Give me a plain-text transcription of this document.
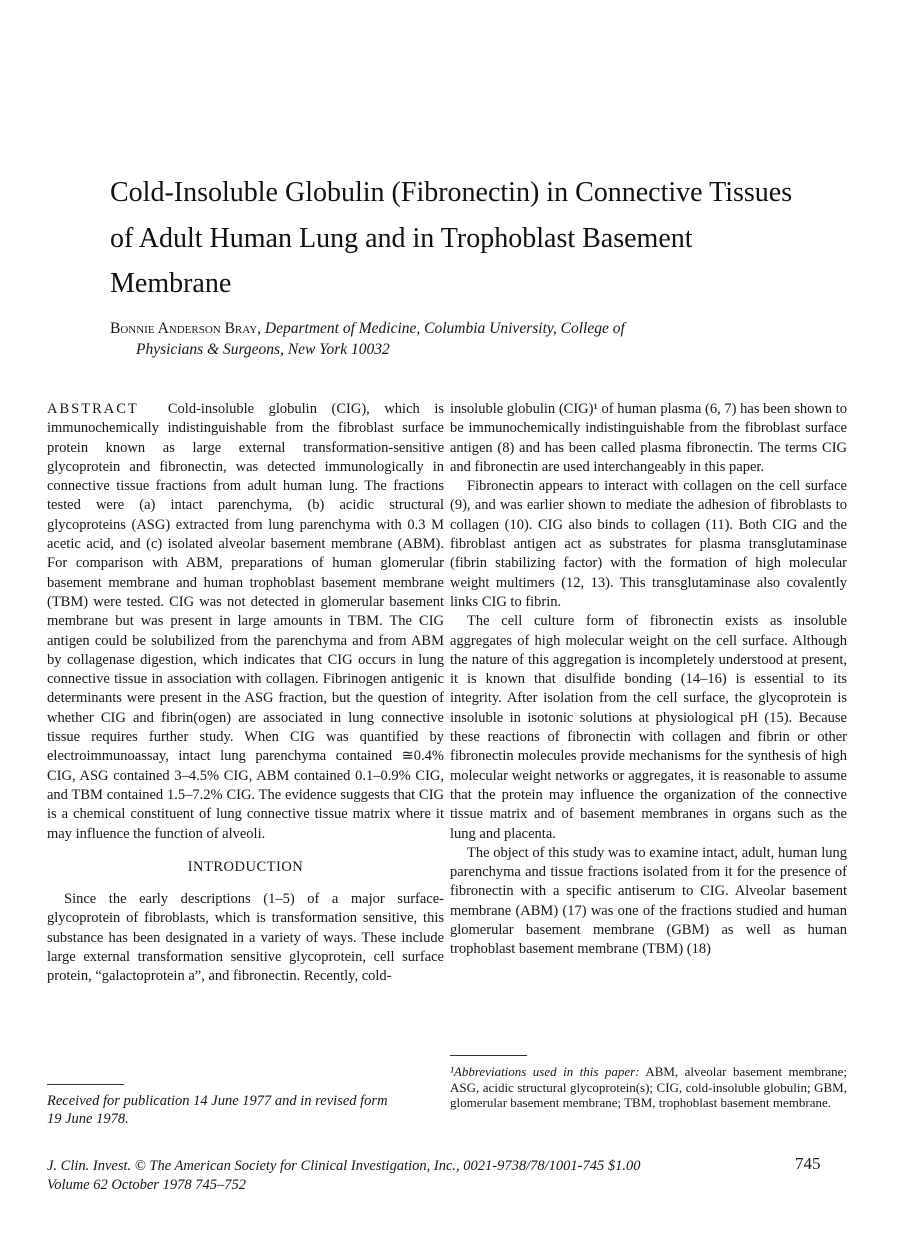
Cold-Insoluble Globulin (Fibronectin) in Connective Tissues of Adult Human Lung and in Trophoblast Basement Membrane
Bonnie Anderson Bray, Department of Medicine, Columbia University, College of
Physicians & Surgeons, New York 10032

ABSTRACT Cold-insoluble globulin (CIG), which is immunochemically indistinguishable from the fibroblast surface protein known as large external transformation-sensitive glycoprotein and fibronectin, was detected immunologically in connective tissue fractions from adult human lung. The fractions tested were (a) intact parenchyma, (b) acidic structural glycoproteins (ASG) extracted from lung parenchyma with 0.3 M acetic acid, and (c) isolated alveolar basement membrane (ABM). For comparison with ABM, preparations of human glomerular basement membrane and human trophoblast basement membrane (TBM) were tested. CIG was not detected in glomerular basement membrane but was present in large amounts in TBM. The CIG antigen could be solubilized from the parenchyma and from ABM by collagenase digestion, which indicates that CIG occurs in lung connective tissue in association with collagen. Fibrinogen antigenic determinants were present in the ASG fraction, but the question of whether CIG and fibrin(ogen) are associated in lung connective tissue requires further study. When CIG was quantified by electroimmunoassay, intact lung parenchyma contained ≅0.4% CIG, ASG contained 3–4.5% CIG, ABM contained 0.1–0.9% CIG, and TBM contained 1.5–7.2% CIG. The evidence suggests that CIG is a chemical constituent of lung connective tissue matrix where it may influence the function of alveoli.

INTRODUCTION

Since the early descriptions (1–5) of a major surface-glycoprotein of fibroblasts, which is transformation sensitive, this substance has been designated in a variety of ways. These include large external transformation sensitive glycoprotein, cell surface protein, “galactoprotein a”, and fibronectin. Recently, cold-

insoluble globulin (CIG)¹ of human plasma (6, 7) has been shown to be immunochemically indistinguishable from the fibroblast surface antigen (8) and has been called plasma fibronectin. The terms CIG and fibronectin are used interchangeably in this paper.

Fibronectin appears to interact with collagen on the cell surface (9), and was earlier shown to mediate the adhesion of fibroblasts to collagen (10). CIG also binds to collagen (11). Both CIG and the fibroblast antigen act as substrates for plasma transglutaminase (fibrin stabilizing factor) with the formation of high molecular weight multimers (12, 13). This transglutaminase also covalently links CIG to fibrin.

The cell culture form of fibronectin exists as insoluble aggregates of high molecular weight on the cell surface. Although the nature of this aggregation is incompletely understood at present, it is known that disulfide bonding (14–16) is essential to its integrity. After isolation from the cell surface, the glycoprotein is insoluble in isotonic solutions at physiological pH (15). Because these reactions of fibronectin with collagen and fibrin or other fibronectin molecules provide mechanisms for the synthesis of high molecular weight networks or aggregates, it is reasonable to assume that the protein may influence the organization of the connective tissue matrix and of basement membranes in organs such as the lung and placenta.

The object of this study was to examine intact, adult, human lung parenchyma and tissue fractions isolated from it for the presence of fibronectin with a specific antiserum to CIG. Alveolar basement membrane (ABM) (17) was one of the fractions studied and human glomerular basement membrane (GBM) as well as human trophoblast basement membrane (TBM) (18)

¹Abbreviations used in this paper: ABM, alveolar basement membrane; ASG, acidic structural glycoprotein(s); CIG, cold-insoluble globulin; GBM, glomerular basement membrane; TBM, trophoblast basement membrane.
Received for publication 14 June 1977 and in revised form
19 June 1978.
J. Clin. Invest. © The American Society for Clinical Investigation, Inc., 0021-9738/78/1001-745 $1.00
Volume 62 October 1978 745–752
745
